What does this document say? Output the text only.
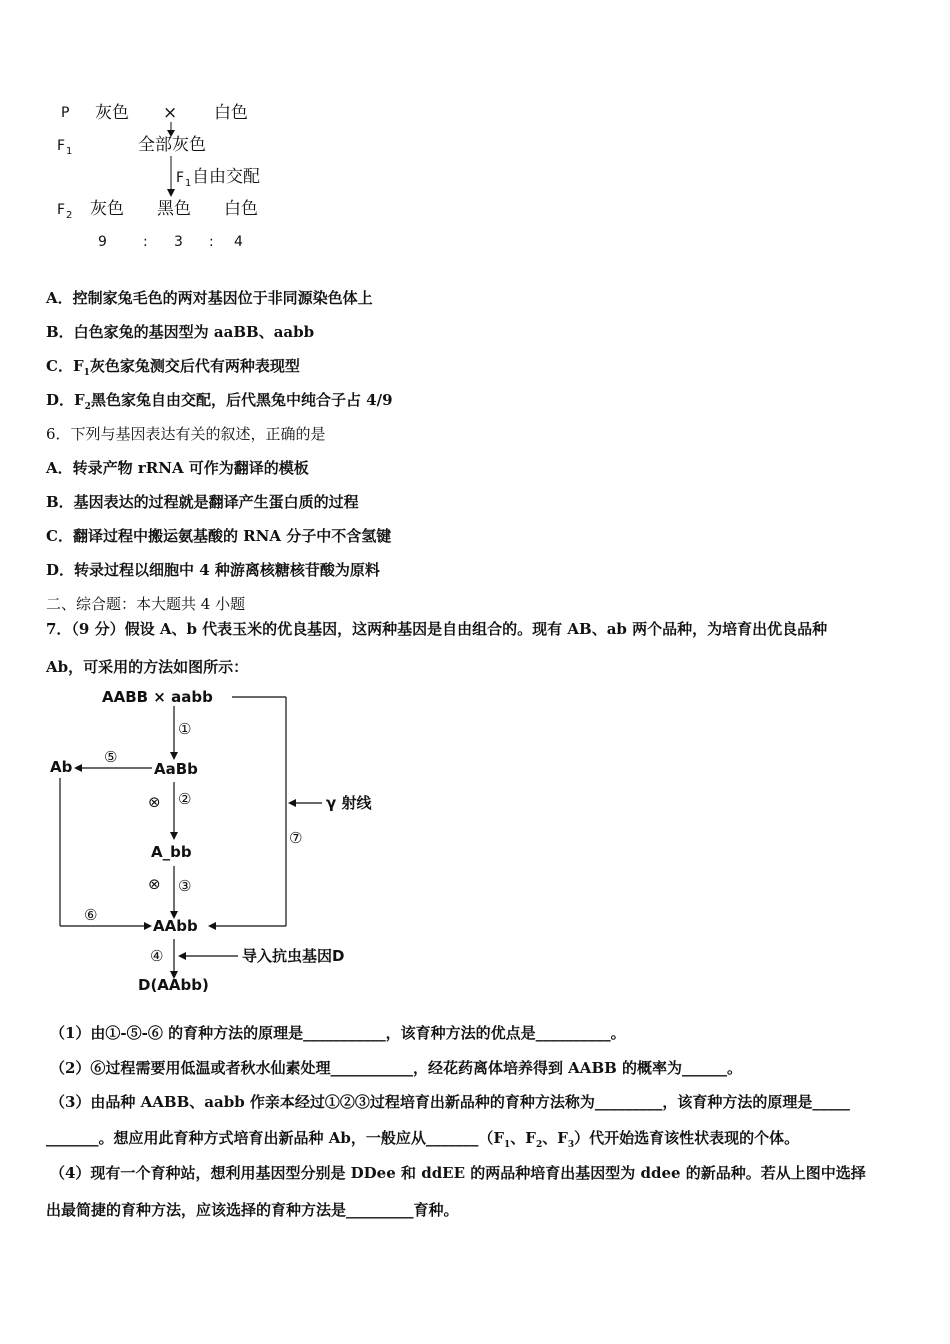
P 灰色 × 白色
F 1	全部灰色
F 1 自由交配
F 2 灰色 黑色 白色
9	: 3 : 4
A．控制家兔毛色的两对基因位于非同源染色体上
B．白色家兔的基因型为 aaBB、aabb
C．$F_1$灰色家兔测交后代有两种表现型
D．$F_2$黑色家兔自由交配，后代黑兔中纯合子占 4/9
6．下列与基因表达有关的叙述，正确的是
A．转录产物 rRNA 可作为翻译的模板
B．基因表达的过程就是翻译产生蛋白质的过程
C．翻译过程中搬运氨基酸的 RNA 分子中不含氢键
D．转录过程以细胞中 4 种游离核糖核苷酸为原料
二、综合题：本大题共 4 小题
7．（9 分）假设 A、b 代表玉米的优良基因，这两种基因是自由组合的。现有 AB、ab 两个品种，为培育出优良品种
Ab，可采用的方法如图所示：
AABB × aabb
γ 射线
⑦
①
AaBb
⑤
Ab
⑥
⊗ ②
A_bb
⊗ ③
AAbb
④	导入抗虫基因D
D(AAbb)
（1）由①-⑤-⑥ 的育种方法的原理是___________，该育种方法的优点是__________。
（2）⑥过程需要用低温或者秋水仙素处理___________，经花药离体培养得到 AABB 的概率为______。
（3）由品种 AABB、aabb 作亲本经过①②③过程培育出新品种的育种方法称为_________，该育种方法的原理是_____
_______。想应用此育种方式培育出新品种 Ab，一般应从$\_\_\_\_\_\_\_(F_1$、$F_2$、$F_3$）代开始选育该性状表现的个体。
（4）现有一个育种站，想利用基因型分别是 DDee 和 ddEE 的两品种培育出基因型为 ddee 的新品种。若从上图中选择
出最简捷的育种方法，应该选择的育种方法是_________育种。
